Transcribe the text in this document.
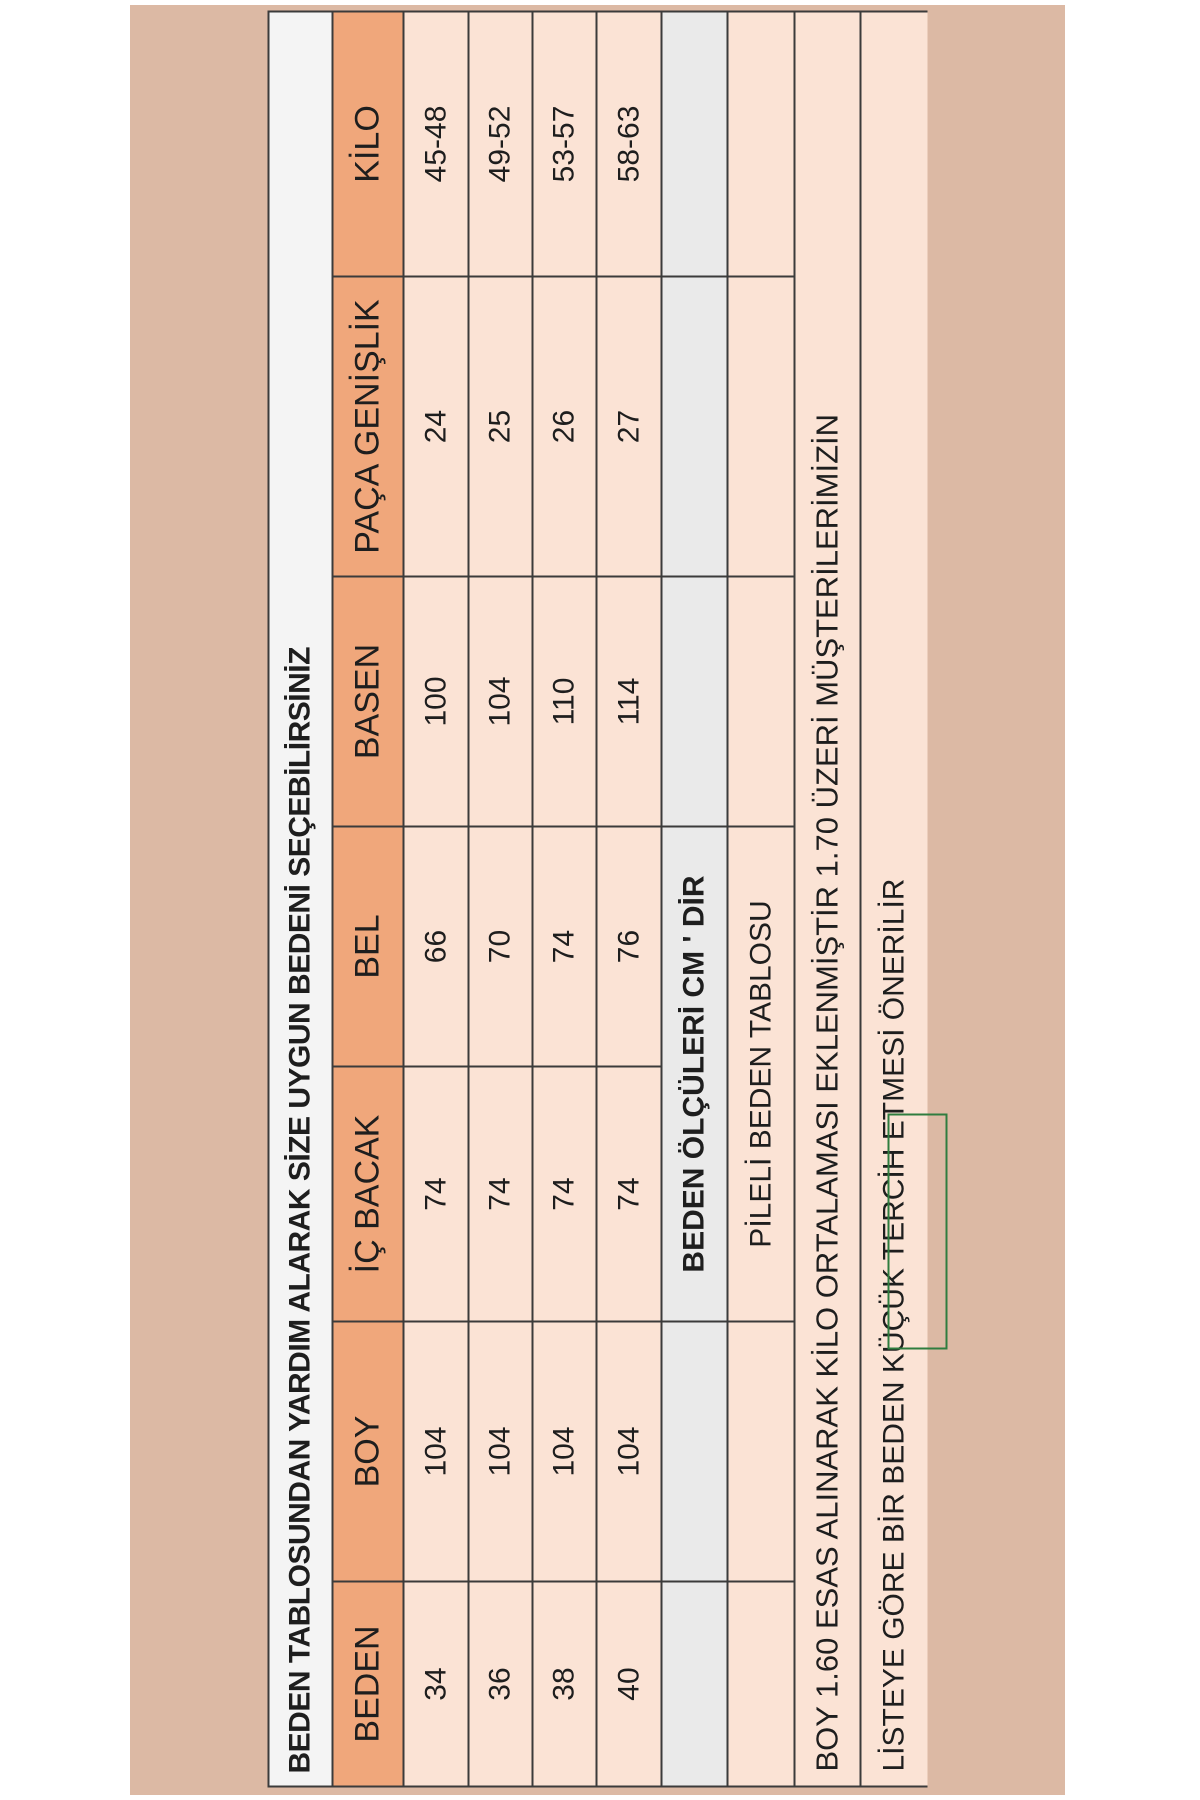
BEDEN TABLOSUNDAN YARDIM ALARAK SİZE UYGUN BEDENİ SEÇEBİLİRSİNİZ						
BEDEN	BOY	İÇ BACAK	BEL	BASEN	PAÇA GENİŞLİK	KİLO
34	104	74	66	100	24	45-48
36	104	74	70	104	25	49-52
38	104	74	74	110	26	53-57
40	104	74	76	114	27	58-63
		BEDEN ÖLÇÜLERİ CM ' DİR				
		PİLELİ BEDEN TABLOSU				
BOY 1.60 ESAS ALINARAK KİLO ORTALAMASI EKLENMİŞTİR 1.70 ÜZERİ MÜŞTERİLERİMİZİN						
LİSTEYE GÖRE BİR BEDEN KÜÇÜK TERCİH ETMESİ ÖNERİLİR						
